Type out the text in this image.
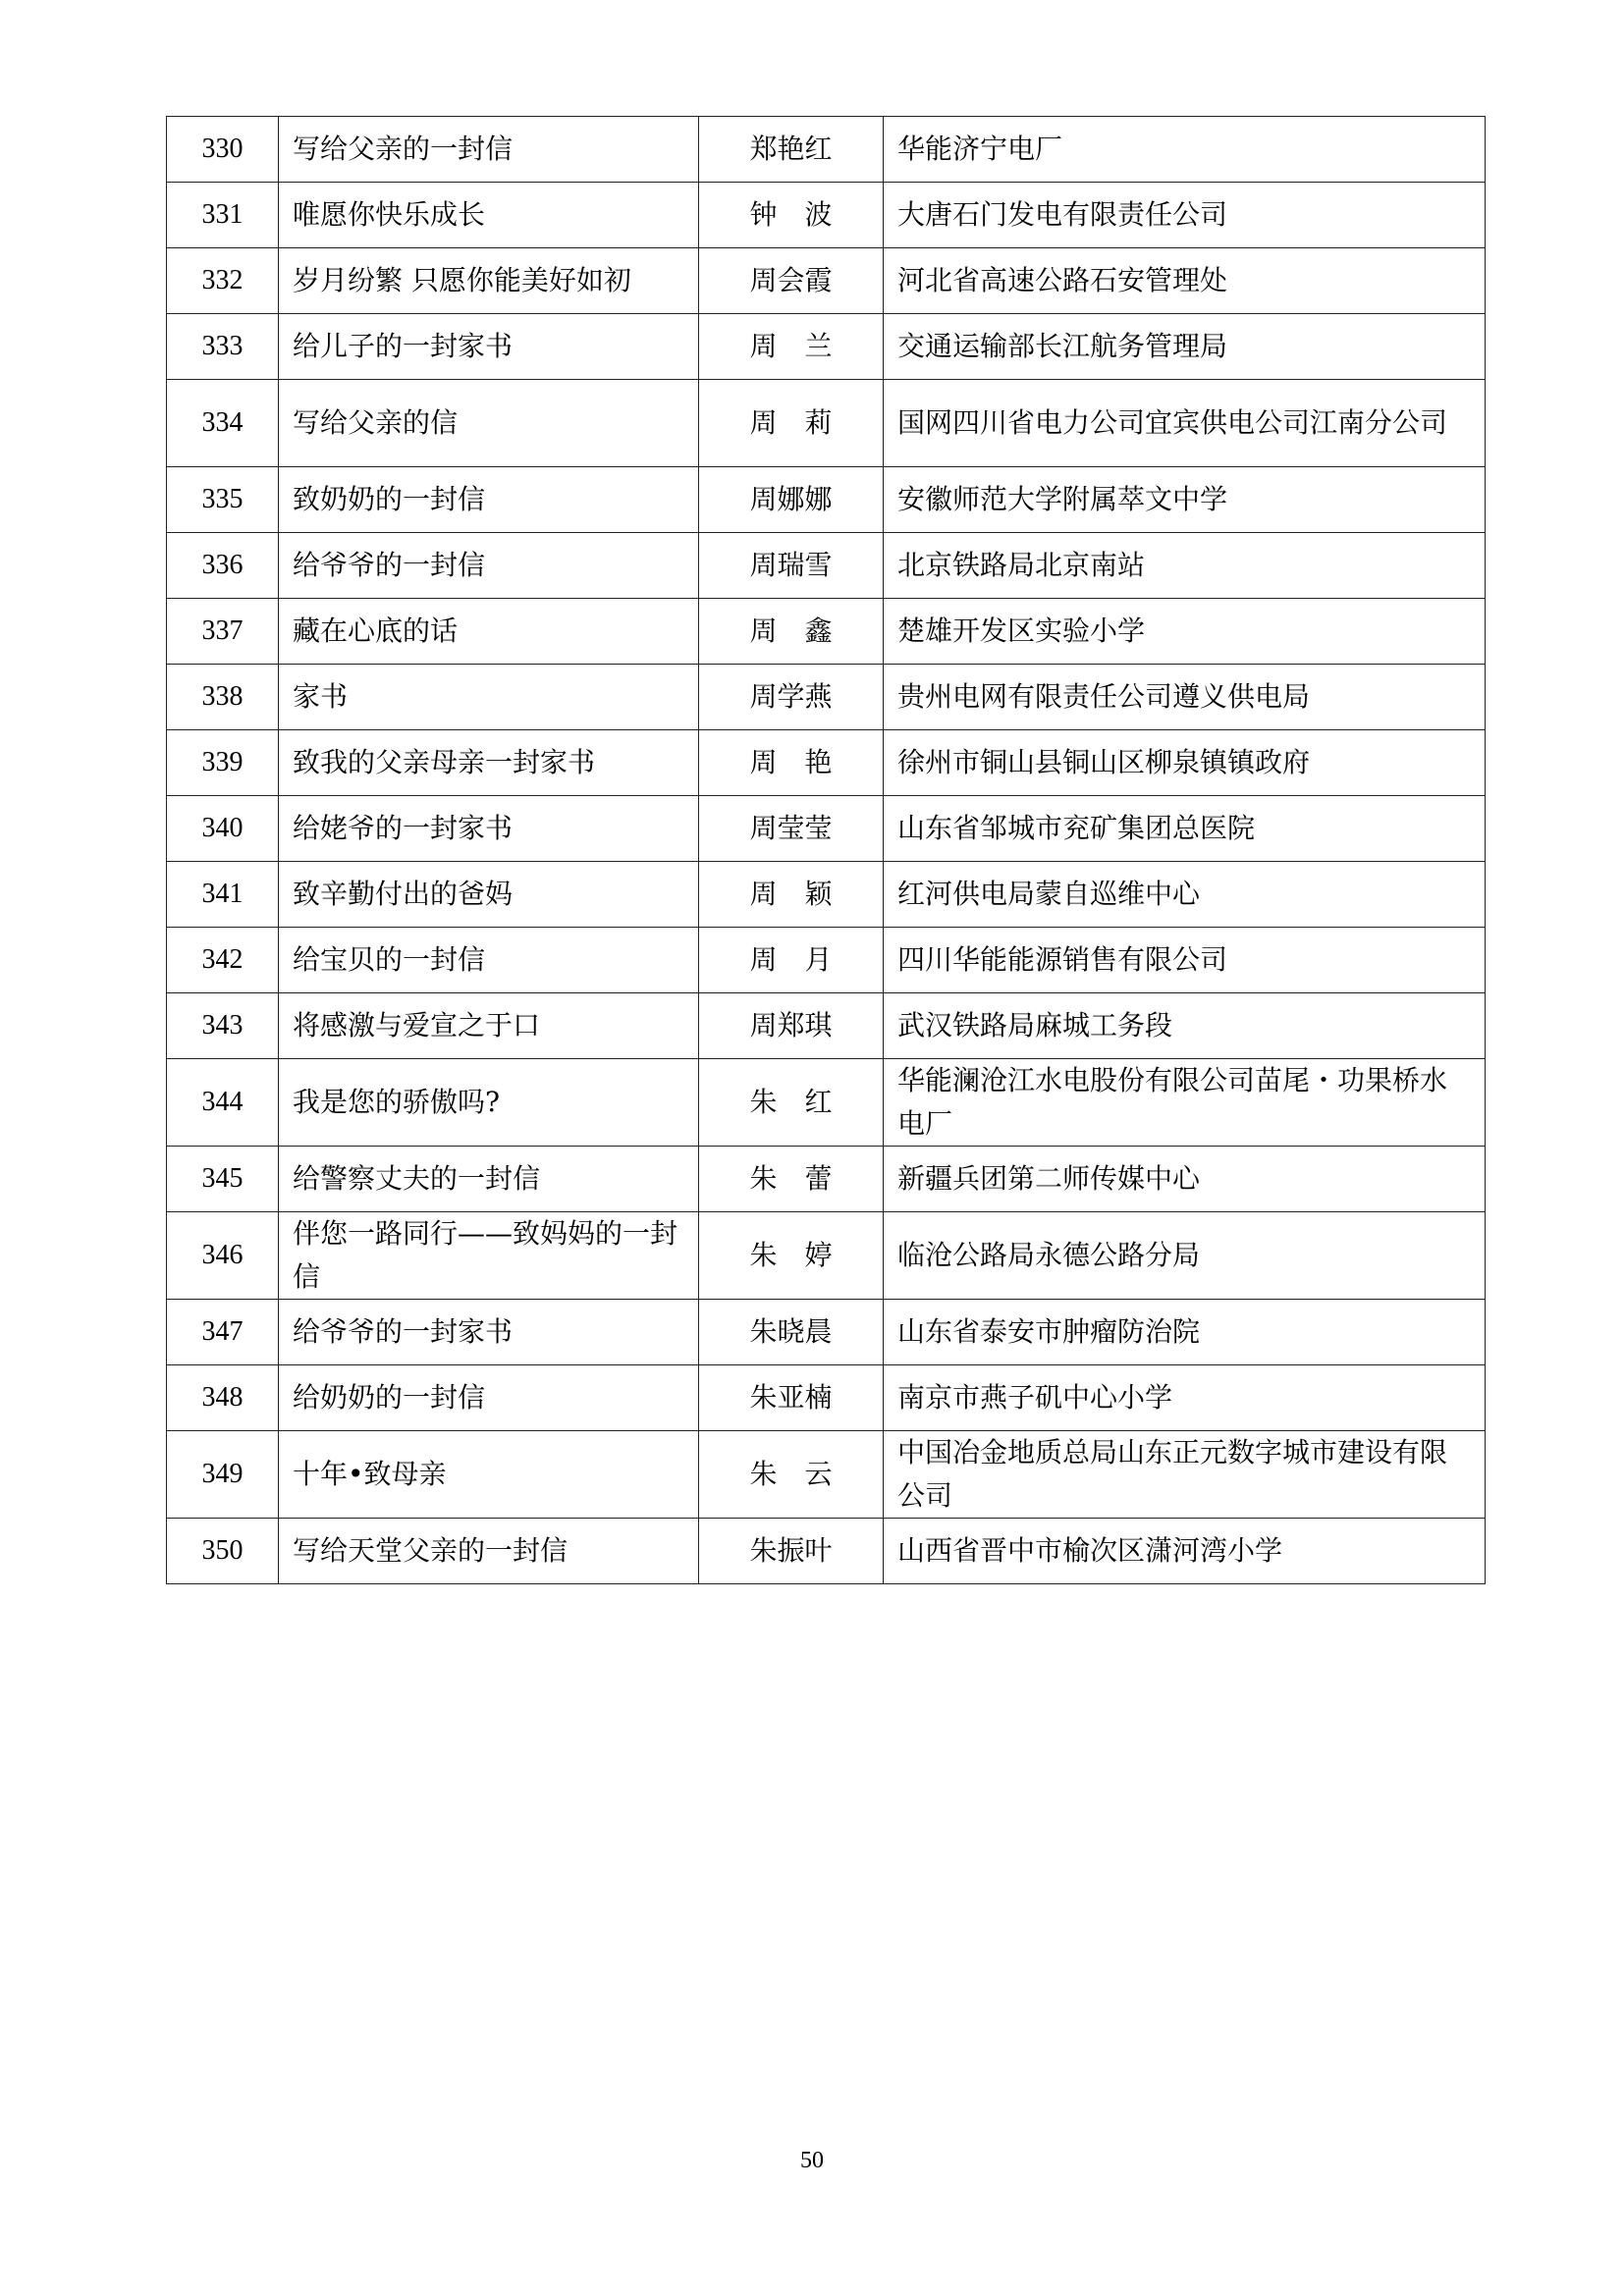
330	写给父亲的一封信	郑艳红	华能济宁电厂
331	唯愿你快乐成长	钟　波	大唐石门发电有限责任公司
332	岁月纷繁 只愿你能美好如初	周会霞	河北省高速公路石安管理处
333	给儿子的一封家书	周　兰	交通运输部长江航务管理局
334	写给父亲的信	周　莉	国网四川省电力公司宜宾供电公司江南分公司
335	致奶奶的一封信	周娜娜	安徽师范大学附属萃文中学
336	给爷爷的一封信	周瑞雪	北京铁路局北京南站
337	藏在心底的话	周　鑫	楚雄开发区实验小学
338	家书	周学燕	贵州电网有限责任公司遵义供电局
339	致我的父亲母亲一封家书	周　艳	徐州市铜山县铜山区柳泉镇镇政府
340	给姥爷的一封家书	周莹莹	山东省邹城市兖矿集团总医院
341	致辛勤付出的爸妈	周　颖	红河供电局蒙自巡维中心
342	给宝贝的一封信	周　月	四川华能能源销售有限公司
343	将感激与爱宣之于口	周郑琪	武汉铁路局麻城工务段
344	我是您的骄傲吗?	朱　红	华能澜沧江水电股份有限公司苗尾・功果桥水电厂
345	给警察丈夫的一封信	朱　蕾	新疆兵团第二师传媒中心
346	伴您一路同行——致妈妈的一封信	朱　婷	临沧公路局永德公路分局
347	给爷爷的一封家书	朱晓晨	山东省泰安市肿瘤防治院
348	给奶奶的一封信	朱亚楠	南京市燕子矶中心小学
349	十年•致母亲	朱　云	中国冶金地质总局山东正元数字城市建设有限公司
350	写给天堂父亲的一封信	朱振叶	山西省晋中市榆次区潇河湾小学
50
